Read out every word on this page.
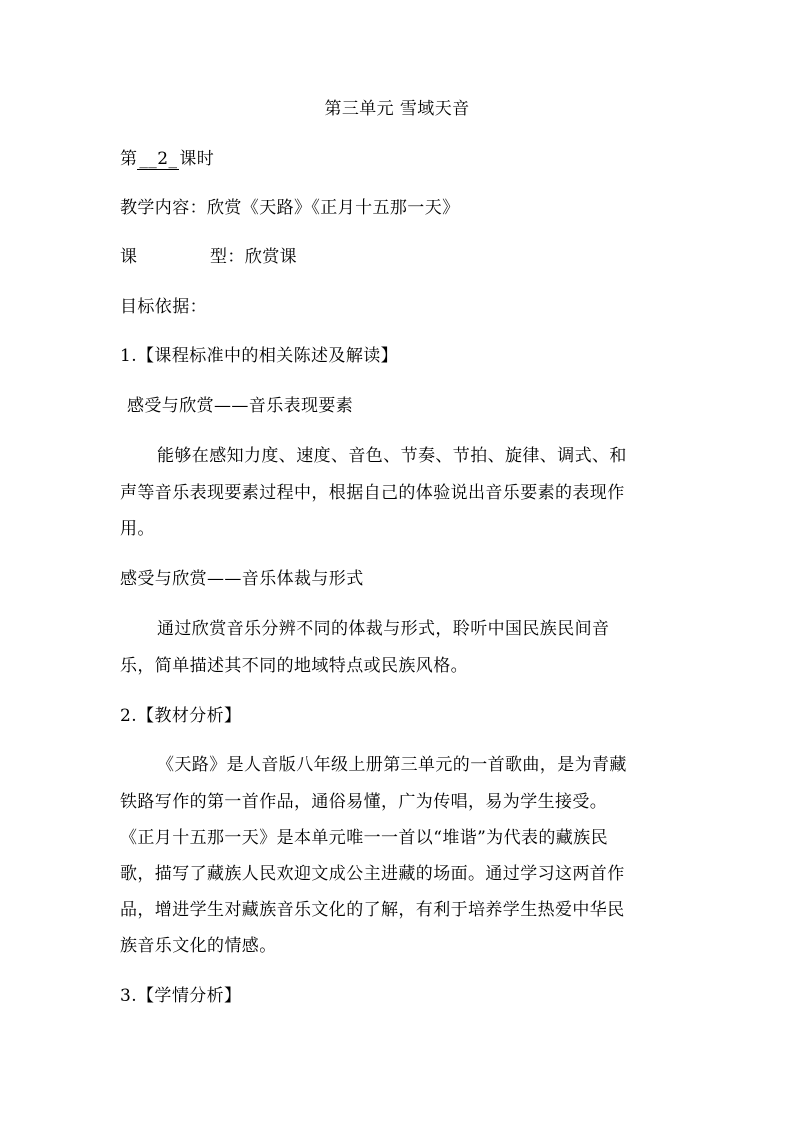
第三单元 雪域天音
第 __2_ 课时
教学内容：欣赏《天路》《正月十五那一天》
课	型：欣赏课
目标依据：
1.【课程标准中的相关陈述及解读】
感受与欣赏——音乐表现要素
能够在感知力度、速度、音色、节奏、节拍、旋律、调式、和
声等音乐表现要素过程中，根据自己的体验说出音乐要素的表现作
用。
感受与欣赏——音乐体裁与形式
通过欣赏音乐分辨不同的体裁与形式，聆听中国民族民间音
乐，简单描述其不同的地域特点或民族风格。
2.【教材分析】
《天路》是人音版八年级上册第三单元的一首歌曲，是为青藏
铁路写作的第一首作品，通俗易懂，广为传唱，易为学生接受。
《正月十五那一天》是本单元唯一一首以“堆谐”为代表的藏族民
歌，描写了藏族人民欢迎文成公主进藏的场面。通过学习这两首作
品，增进学生对藏族音乐文化的了解，有利于培养学生热爱中华民
族音乐文化的情感。
3.【学情分析】
